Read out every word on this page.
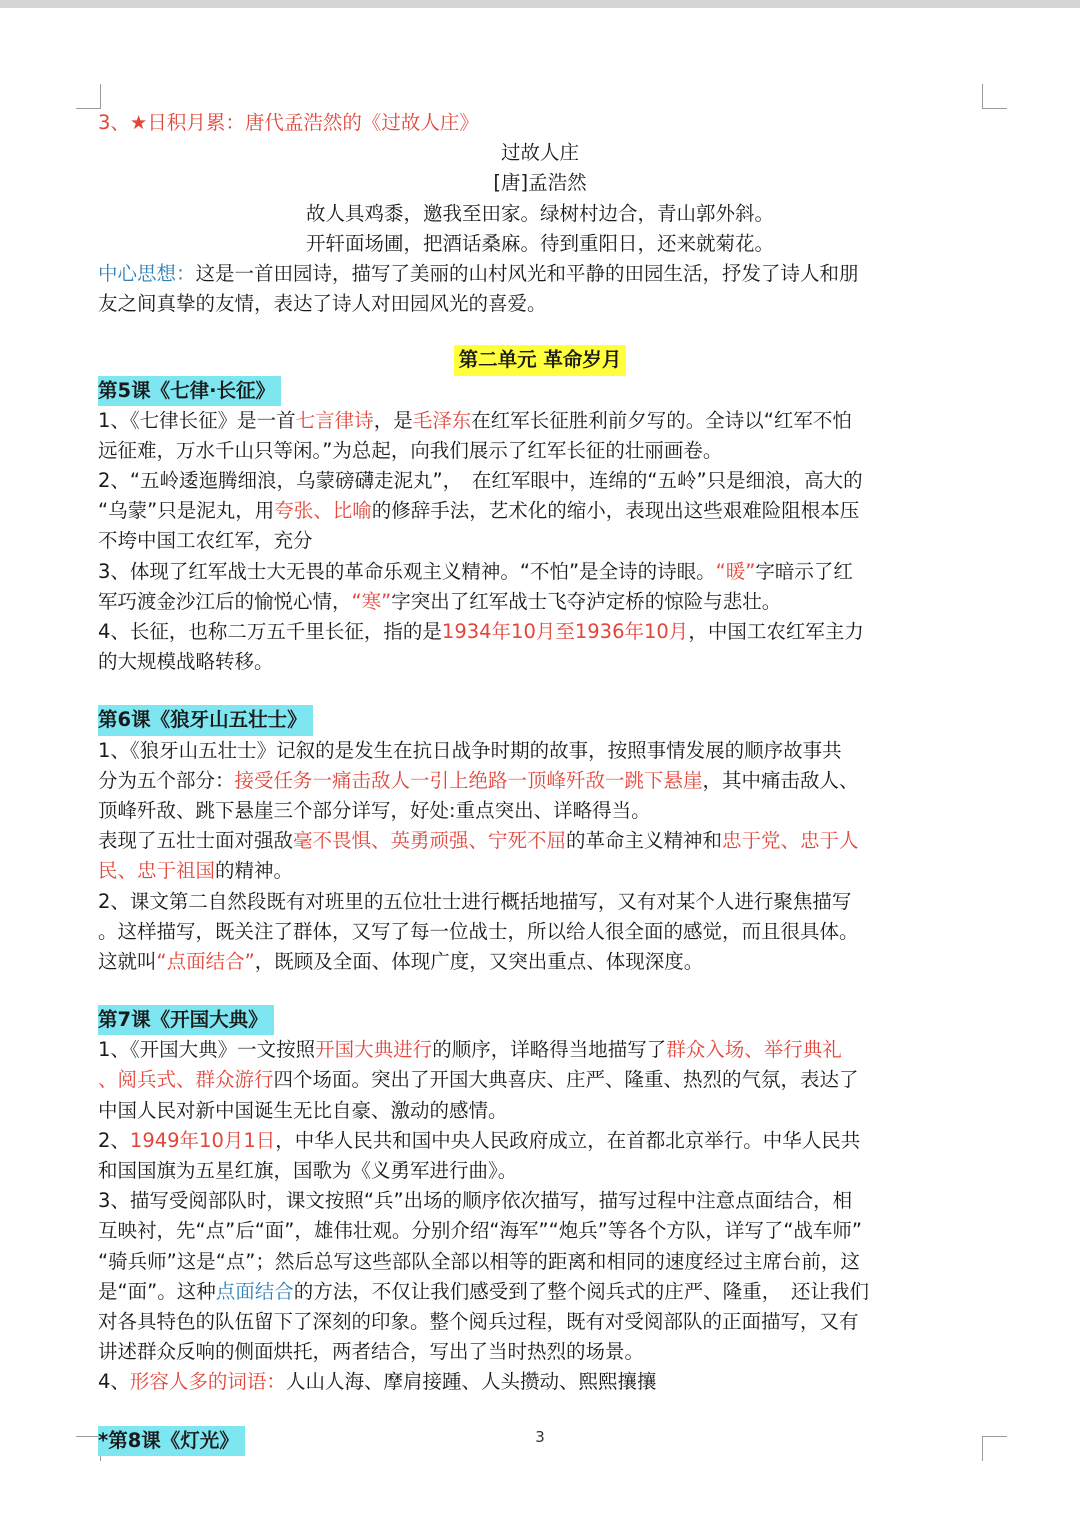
3、★日积月累：唐代孟浩然的《过故人庄》
过故人庄
[唐]孟浩然
故人具鸡黍，邀我至田家。绿树村边合，青山郭外斜。
开轩面场圃，把酒话桑麻。待到重阳日，还来就菊花。
中心思想：这是一首田园诗，描写了美丽的山村风光和平静的田园生活，抒发了诗人和朋
友之间真挚的友情，表达了诗人对田园风光的喜爱。
第二单元 革命岁月
第5课《七律·长征》
1、《七律长征》是一首七言律诗，是毛泽东在红军长征胜利前夕写的。全诗以“红军不怕
远征难，万水千山只等闲。”为总起，向我们展示了红军长征的壮丽画卷。
2、“五岭逶迤腾细浪，乌蒙磅礴走泥丸”，　在红军眼中，连绵的“五岭”只是细浪，高大的
“乌蒙”只是泥丸，用夸张、比喻的修辞手法，艺术化的缩小，表现出这些艰难险阻根本压
不垮中国工农红军，充分
3、体现了红军战士大无畏的革命乐观主义精神。“不怕”是全诗的诗眼。“暖”字暗示了红
军巧渡金沙江后的愉悦心情，“寒”字突出了红军战士飞夺泸定桥的惊险与悲壮。
4、长征，也称二万五千里长征，指的是1934年10月至1936年10月，中国工农红军主力
的大规模战略转移。
第6课《狼牙山五壮士》
1、《狼牙山五壮士》记叙的是发生在抗日战争时期的故事，按照事情发展的顺序故事共
分为五个部分：接受任务一痛击敌人一引上绝路一顶峰歼敌一跳下悬崖，其中痛击敌人、
顶峰歼敌、跳下悬崖三个部分详写，好处:重点突出、详略得当。
表现了五壮士面对强敌毫不畏惧、英勇顽强、宁死不屈的革命主义精神和忠于党、忠于人
民、忠于祖国的精神。
2、课文第二自然段既有对班里的五位壮士进行概括地描写，又有对某个人进行聚焦描写
。这样描写，既关注了群体，又写了每一位战士，所以给人很全面的感觉，而且很具体。
这就叫“点面结合”，既顾及全面、体现广度，又突出重点、体现深度。
第7课《开国大典》
1、《开国大典》一文按照开国大典进行的顺序，详略得当地描写了群众入场、举行典礼
、阅兵式、群众游行四个场面。突出了开国大典喜庆、庄严、隆重、热烈的气氛，表达了
中国人民对新中国诞生无比自豪、激动的感情。
2、1949年10月1日，中华人民共和国中央人民政府成立，在首都北京举行。中华人民共
和国国旗为五星红旗，国歌为《义勇军进行曲》。
3、描写受阅部队时，课文按照“兵”出场的顺序依次描写，描写过程中注意点面结合，相
互映衬，先“点”后“面”，雄伟壮观。分别介绍“海军”“炮兵”等各个方队，详写了“战车师”
“骑兵师”这是“点”；然后总写这些部队全部以相等的距离和相同的速度经过主席台前，这
是“面”。这种点面结合的方法，不仅让我们感受到了整个阅兵式的庄严、隆重，　还让我们
对各具特色的队伍留下了深刻的印象。整个阅兵过程，既有对受阅部队的正面描写，又有
讲述群众反响的侧面烘托，两者结合，写出了当时热烈的场景。
4、形容人多的词语：人山人海、摩肩接踵、人头攒动、熙熙攘攘
*第8课《灯光》	3
